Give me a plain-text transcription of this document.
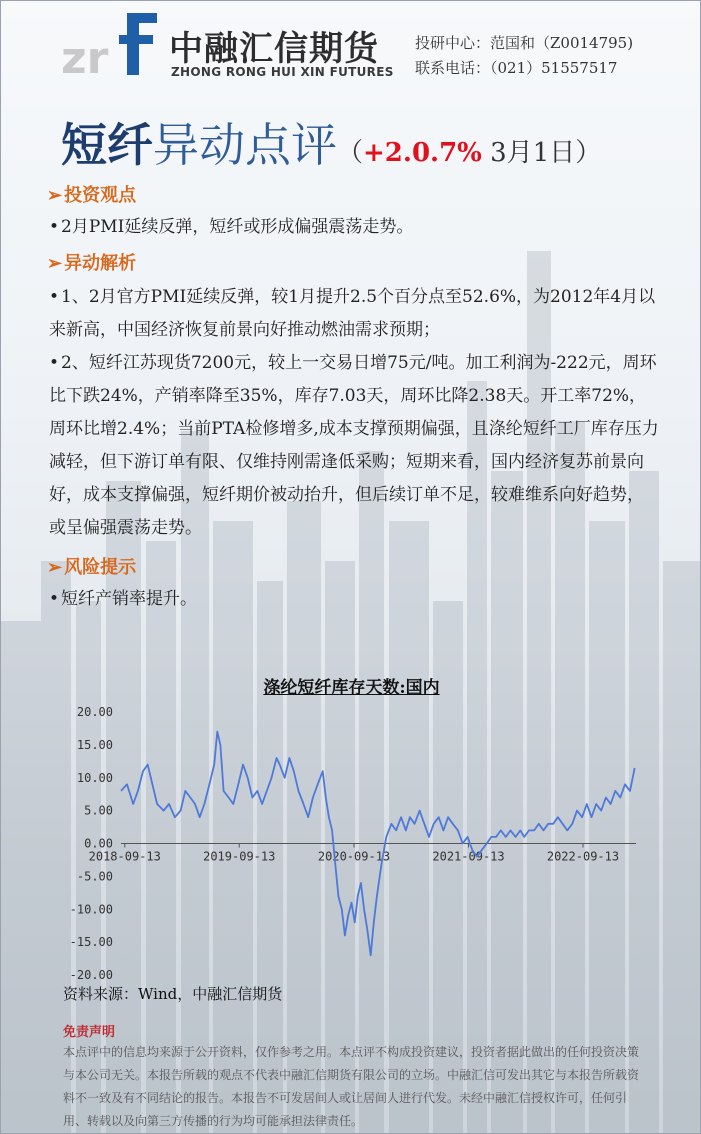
zr 中融汇信期货
ZHONG RONG HUI XIN FUTURES
投研中心：范国和（Z0014795)
联系电话：（021）51557517
短纤异动点评（+2.0.7% 3月1日）
➢ 投资观点
• 2月PMI延续反弹，短纤或形成偏强震荡走势。
➢ 异动解析
• 1、2月官方PMI延续反弹，较1月提升2.5个百分点至52.6%，为2012年4月以来新高，中国经济恢复前景向好推动燃油需求预期；
• 2、短纤江苏现货7200元，较上一交易日增75元/吨。加工利润为-222元，周环比下跌24%，产销率降至35%，库存7.03天，周环比降2.38天。开工率72%，周环比增2.4%；当前PTA检修增多,成本支撑预期偏强，且涤纶短纤工厂库存压力减轻，但下游订单有限、仅维持刚需逢低采购；短期来看，国内经济复苏前景向好，成本支撑偏强，短纤期价被动抬升，但后续订单不足，较难维系向好趋势，或呈偏强震荡走势。
➢ 风险提示
• 短纤产销率提升。
涤纶短纤库存天数:国内
20.00
15.00
10.00
5.00
0.00
-5.00
-10.00
-15.00
-20.00
2018-09-13	2019-09-13	2020-09-13	2021-09-13	2022-09-13
资料来源：Wind，中融汇信期货
免责声明
本点评中的信息均来源于公开资料，仅作参考之用。本点评不构成投资建议，投资者据此做出的任何投资决策与本公司无关。本报告所载的观点不代表中融汇信期货有限公司的立场。中融汇信可发出其它与本报告所载资料不一致及有不同结论的报告。本报告不可发居间人或让居间人进行代发。未经中融汇信授权许可，任何引用、转载以及向第三方传播的行为均可能承担法律责任。
